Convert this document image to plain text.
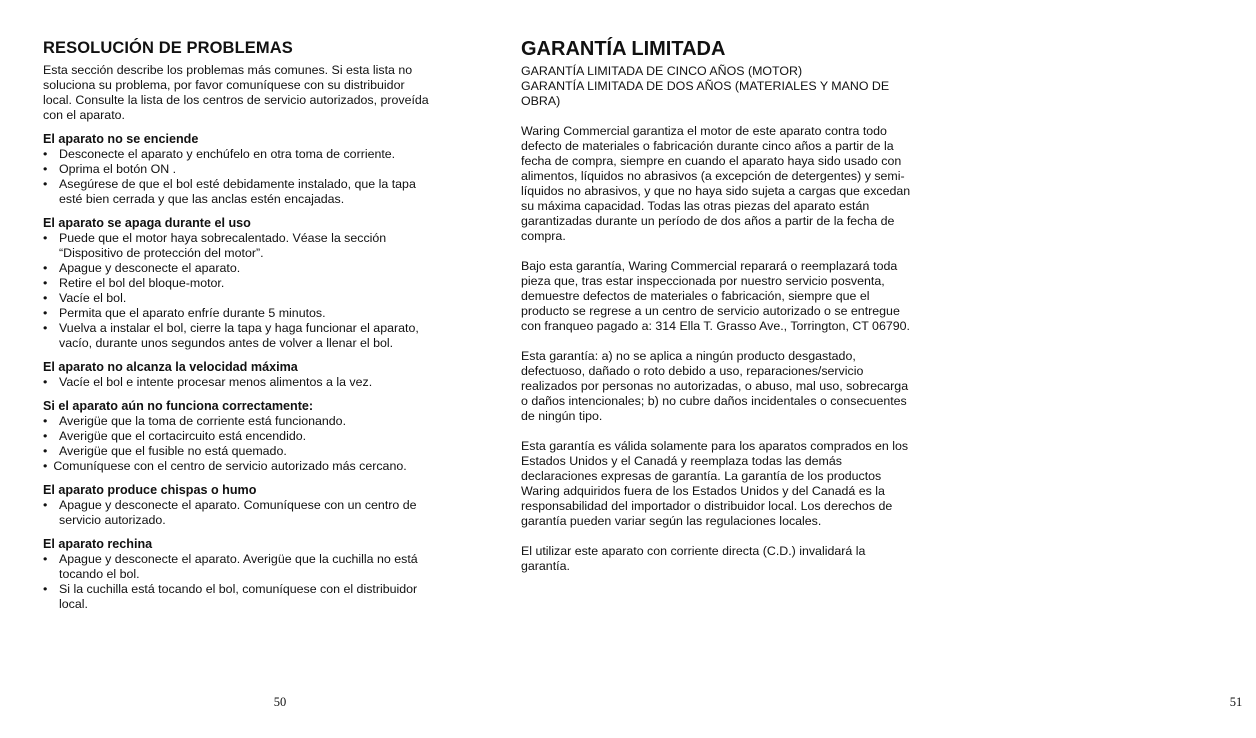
RESOLUCIÓN DE PROBLEMAS

Esta sección describe los problemas más comunes. Si esta lista no soluciona su problema, por favor comuníquese con su distribuidor local. Consulte la lista de los centros de servicio autorizados, proveída con el aparato.

El aparato no se enciende
• Desconecte el aparato y enchúfelo en otra toma de corriente.
• Oprima el botón ON .
• Asegúrese de que el bol esté debidamente instalado, que la tapa esté bien cerrada y que las anclas estén encajadas.
El aparato se apaga durante el uso
• Puede que el motor haya sobrecalentado. Véase la sección “Dispositivo de protección del motor”.
• Apague y desconecte el aparato.
• Retire el bol del bloque-motor.
• Vacíe el bol.
• Permita que el aparato enfríe durante 5 minutos.
• Vuelva a instalar el bol, cierre la tapa y haga funcionar el aparato, vacío, durante unos segundos antes de volver a llenar el bol.
El aparato no alcanza la velocidad máxima
• Vacíe el bol e intente procesar menos alimentos a la vez.
Si el aparato aún no funciona correctamente:
• Averigüe que la toma de corriente está funcionando.
• Averigüe que el cortacircuito está encendido.
• Averigüe que el fusible no está quemado.
• Comuníquese con el centro de servicio autorizado más cercano.
El aparato produce chispas o humo
• Apague y desconecte el aparato. Comuníquese con un centro de servicio autorizado.
El aparato rechina
• Apague y desconecte el aparato. Averigüe que la cuchilla no está tocando el bol.
• Si la cuchilla está tocando el bol, comuníquese con el distribuidor local.
50
GARANTÍA LIMITADA

GARANTÍA LIMITADA DE CINCO AÑOS (MOTOR)

GARANTÍA LIMITADA DE DOS AÑOS (MATERIALES Y MANO DE OBRA)

Waring Commercial garantiza el motor de este aparato contra todo defecto de materiales o fabricación durante cinco años a partir de la fecha de compra, siempre en cuando el aparato haya sido usado con alimentos, líquidos no abrasivos (a excepción de detergentes) y semi-líquidos no abrasivos, y que no haya sido sujeta a cargas que excedan su máxima capacidad. Todas las otras piezas del aparato están garantizadas durante un período de dos años a partir de la fecha de compra.

Bajo esta garantía, Waring Commercial reparará o reemplazará toda pieza que, tras estar inspeccionada por nuestro servicio posventa, demuestre defectos de materiales o fabricación, siempre que el producto se regrese a un centro de servicio autorizado o se entregue con franqueo pagado a: 314 Ella T. Grasso Ave., Torrington, CT 06790.

Esta garantía: a) no se aplica a ningún producto desgastado, defectuoso, dañado o roto debido a uso, reparaciones/servicio realizados por personas no autorizadas, o abuso, mal uso, sobrecarga o daños intencionales; b) no cubre daños incidentales o consecuentes de ningún tipo.

Esta garantía es válida solamente para los aparatos comprados en los Estados Unidos y el Canadá y reemplaza todas las demás declaraciones expresas de garantía. La garantía de los productos Waring adquiridos fuera de los Estados Unidos y del Canadá es la responsabilidad del importador o distribuidor local. Los derechos de garantía pueden variar según las regulaciones locales.

El utilizar este aparato con corriente directa (C.D.) invalidará la garantía.

51
